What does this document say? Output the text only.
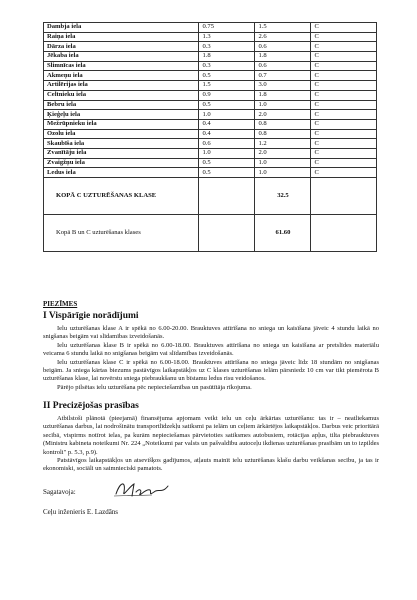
Dambja iela	0.75	1.5	C
Raiņa iela	1.3	2.6	C
Dārza iela	0.3	0.6	C
Jēkaba iela	1.8	1.8	C
Slimnīcas iela	0.3	0.6	C
Akmeņu iela	0.5	0.7	C
Artilērijas iela	1.5	3.0	C
Celtnieku iela	0.9	1.8	C
Bebru iela	0.5	1.0	C
Ķieģeļu iela	1.0	2.0	C
Mežrūpnieku iela	0.4	0.8	C
Ozolu iela	0.4	0.8	C
Skaubīša iela	0.6	1.2	C
Zvanītāju iela	1.0	2.0	C
Zvaigžņu iela	0.5	1.0	C
Ledus iela	0.5	1.0	C
KOPĀ C UZTURĒŠANAS KLASE		32.5	
Kopā B un C uzturēšanas klases		61.60	
PIEZĪMES
I Vispārīgie norādījumi

Ielu uzturēšanas klase A ir spēkā no 6.00-20.00. Brauktuves attīrīšana no sniega un kaisīšana jāveic 4 stundu laikā no snigšanas beigām vai slīdamības izveidošanās.

Ielu uzturēšanas klase B ir spēkā no 6.00-18.00. Brauktuves attīrīšana no sniega un kaisīšana ar pretslīdes materiālu veicama 6 stundu laikā no snigšanas beigām vai slīdamības izveidošanās.

Ielu uzturēšanas klase C ir spēkā no 6.00-18.00. Brauktuves attīrīšana no sniega jāveic līdz 18 stundām no snigšanas beigām. Ja sniega kārtas biezums pastāvīgos laikapstākļos uz C klases uzturēšanas ielām pārsniedz 10 cm var tikt piemērota B uzturēšanas klase, lai novērstu sniega piebraukšanu un bīstamu ledus risu veidošanos.

Pārējo pilsētas ielu uzturēšana pēc nepieciešamības un pasūtītāja rīkojuma.

II Precizējošas prasības

Atbilstoši plānotā (pieejamā) finansējuma apjomam veikt ielu un ceļu ārkārtas uzturēšanu: tas ir – neatliekamus uzturēšanas darbus, lai nodrošinātu transportlīdzekļu satiksmi pa ielām un ceļiem ārkārtējos laikapstākļos. Darbus veic prioritārā secībā, vispirms notīrot ielas, pa kurām nepieciešamas pārvietoties satiksmes autobusiem, rotācijas apļus, tilta piebrauktuves (Ministru kabineta noteikumi Nr. 224 „Noteikumi par valsts un pašvaldību autoceļu ikdienas uzturēšanas prasībām un to izpildes kontroli" p. 5.3, p.9).

Patstāvīgos laikapstākļos un atsevišķos gadījumos, atļauts mainīt ielu uzturēšanas klašu darbu veikšanas secību, ja tas ir ekonomiski, sociāli un saimnieciski pamatots.

Sagatavoja:
Ceļu inženieris E. Lazdāns
